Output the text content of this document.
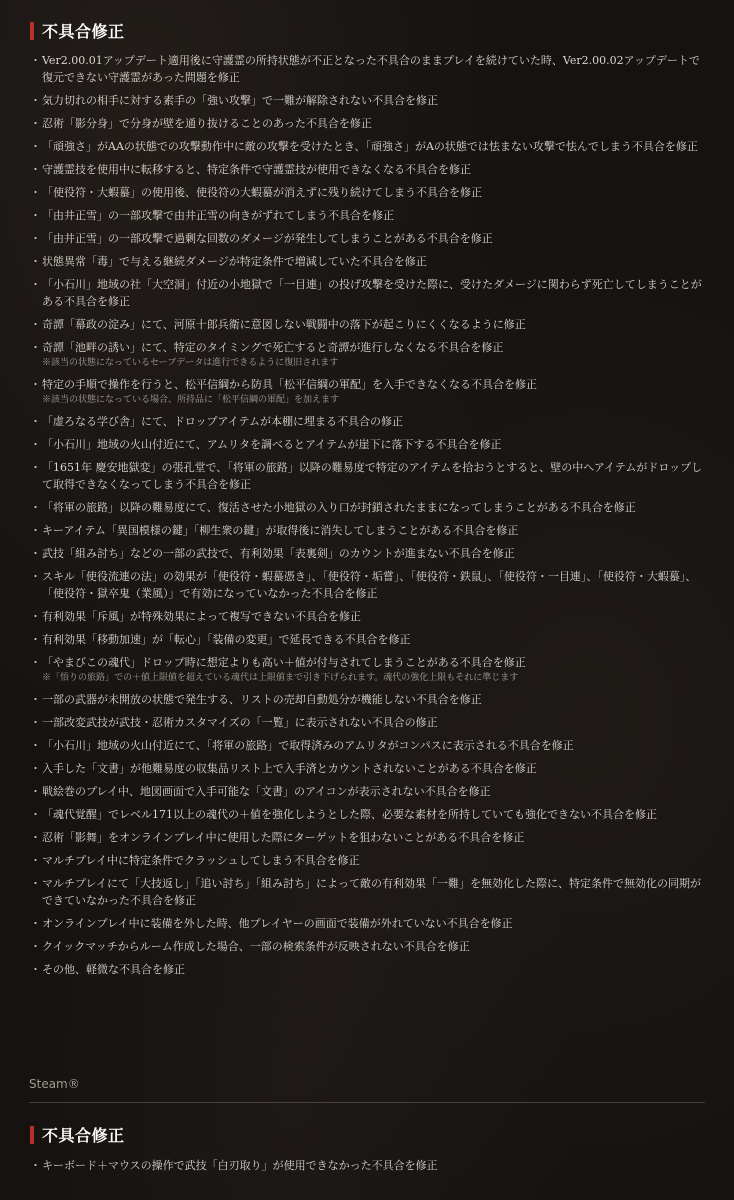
不具合修正
・ Ver2.00.01アップデート適用後に守護霊の所持状態が不正となった不具合のままプレイを続けていた時、Ver2.00.02アップデートで復元できない守護霊があった問題を修正
・ 気力切れの相手に対する素手の「強い攻撃」で一難が解除されない不具合を修正
・ 忍術「影分身」で分身が壁を通り抜けることのあった不具合を修正
・ 「頑強さ」がAAの状態での攻撃動作中に敵の攻撃を受けたとき、「頑強さ」がAの状態では怯まない攻撃で怯んでしまう不具合を修正
・ 守護霊技を使用中に転移すると、特定条件で守護霊技が使用できなくなる不具合を修正
・ 「使役符・大蝦蟇」の使用後、使役符の大蝦蟇が消えずに残り続けてしまう不具合を修正
・ 「由井正雪」の一部攻撃で由井正雪の向きがずれてしまう不具合を修正
・ 「由井正雪」の一部攻撃で過剰な回数のダメージが発生してしまうことがある不具合を修正
・ 状態異常「毒」で与える継続ダメージが特定条件で増減していた不具合を修正
・ 「小石川」地域の社「大空洞」付近の小地獄で「一目連」の投げ攻撃を受けた際に、受けたダメージに関わらず死亡してしまうことがある不具合を修正
・ 奇譚「幕政の淀み」にて、河原十郎兵衛に意図しない戦闘中の落下が起こりにくくなるように修正
・ 奇譚「池畔の誘い」にて、特定のタイミングで死亡すると奇譚が進行しなくなる不具合を修正
※該当の状態になっているセーブデータは進行できるように復旧されます
・ 特定の手順で操作を行うと、松平信綱から防具「松平信綱の軍配」を入手できなくなる不具合を修正
※該当の状態になっている場合、所持品に「松平信綱の軍配」を加えます
・ 「虚ろなる学び舎」にて、ドロップアイテムが本棚に埋まる不具合の修正
・ 「小石川」地域の火山付近にて、アムリタを調べるとアイテムが崖下に落下する不具合を修正
・ 「1651年 慶安地獄変」の張孔堂で、「将軍の旅路」以降の難易度で特定のアイテムを拾おうとすると、壁の中へアイテムがドロップして取得できなくなってしまう不具合を修正
・ 「将軍の旅路」以降の難易度にて、復活させた小地獄の入り口が封鎖されたままになってしまうことがある不具合を修正
・ キーアイテム「異国模様の鍵」「柳生衆の鍵」が取得後に消失してしまうことがある不具合を修正
・ 武技「組み討ち」などの一部の武技で、有利効果「表裏剣」のカウントが進まない不具合を修正
・ スキル「使役流連の法」の効果が「使役符・蝦蟇憑き」、「使役符・垢嘗」、「使役符・鉄鼠」、「使役符・一目連」、「使役符・大蝦蟇」、「使役符・獄卒鬼（業風）」で有効になっていなかった不具合を修正
・ 有利効果「斥風」が特殊効果によって複写できない不具合を修正
・ 有利効果「移動加速」が「転心」「装備の変更」で延長できる不具合を修正
・ 「やまびこの魂代」ドロップ時に想定よりも高い＋値が付与されてしまうことがある不具合を修正
※「悟りの旅路」での＋値上限値を超えている魂代は上限値まで引き下げられます。魂代の強化上限もそれに準じます
・ 一部の武器が未開放の状態で発生する、リストの売却自動処分が機能しない不具合を修正
・ 一部改変武技が武技・忍術カスタマイズの「一覧」に表示されない不具合の修正
・ 「小石川」地域の火山付近にて、「将軍の旅路」で取得済みのアムリタがコンパスに表示される不具合を修正
・ 入手した「文書」が他難易度の収集品リスト上で入手済とカウントされないことがある不具合を修正
・ 戦絵巻のプレイ中、地図画面で入手可能な「文書」のアイコンが表示されない不具合を修正
・ 「魂代覚醒」でレベル171以上の魂代の＋値を強化しようとした際、必要な素材を所持していても強化できない不具合を修正
・ 忍術「影舞」をオンラインプレイ中に使用した際にターゲットを狙わないことがある不具合を修正
・ マルチプレイ中に特定条件でクラッシュしてしまう不具合を修正
・ マルチプレイにて「大技返し」「追い討ち」「組み討ち」によって敵の有利効果「一難」を無効化した際に、特定条件で無効化の同期ができていなかった不具合を修正
・ オンラインプレイ中に装備を外した時、他プレイヤーの画面で装備が外れていない不具合を修正
・ クイックマッチからルーム作成した場合、一部の検索条件が反映されない不具合を修正
・ その他、軽微な不具合を修正
Steam®
不具合修正
・ キーボード＋マウスの操作で武技「白刃取り」が使用できなかった不具合を修正
